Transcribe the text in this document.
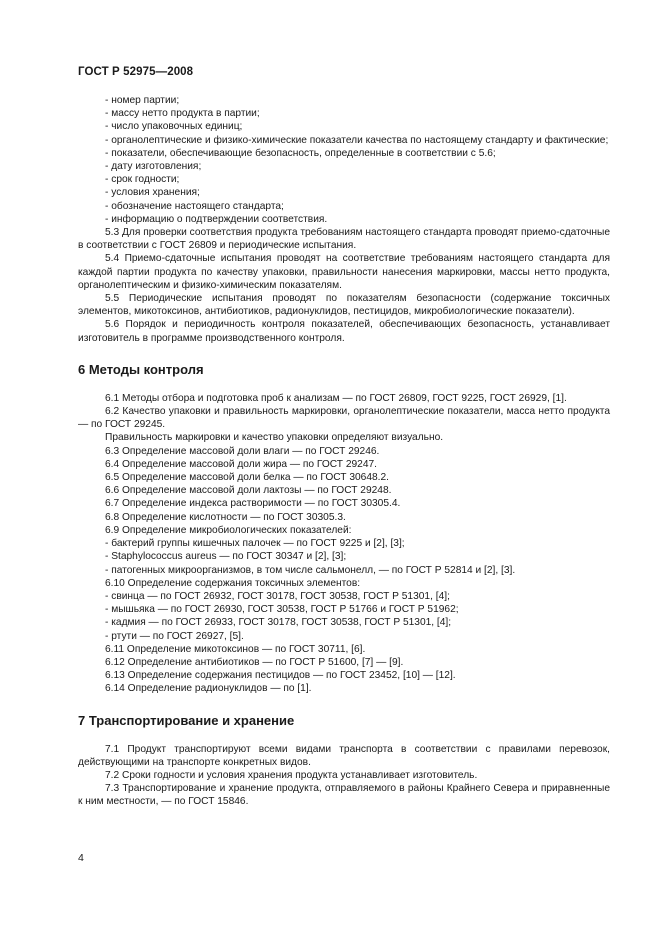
ГОСТ Р 52975—2008

- номер партии;

- массу нетто продукта в партии;

- число упаковочных единиц;

- органолептические и физико-химические показатели качества по настоящему стандарту и фактические;

- показатели, обеспечивающие безопасность, определенные в соответствии с 5.6;

- дату изготовления;

- срок годности;

- условия хранения;

- обозначение настоящего стандарта;

- информацию о подтверждении соответствия.

5.3 Для проверки соответствия продукта требованиям настоящего стандарта проводят приемо-сдаточные в соответствии с ГОСТ 26809 и периодические испытания.

5.4 Приемо-сдаточные испытания проводят на соответствие требованиям настоящего стандарта для каждой партии продукта по качеству упаковки, правильности нанесения маркировки, массы нетто продукта, органолептическим и физико-химическим показателям.

5.5 Периодические испытания проводят по показателям безопасности (содержание токсичных элементов, микотоксинов, антибиотиков, радионуклидов, пестицидов, микробиологические показатели).

5.6 Порядок и периодичность контроля показателей, обеспечивающих безопасность, устанавливает изготовитель в программе производственного контроля.

6 Методы контроля

6.1 Методы отбора и подготовка проб к анализам — по ГОСТ 26809, ГОСТ 9225, ГОСТ 26929, [1].

6.2 Качество упаковки и правильность маркировки, органолептические показатели, масса нетто продукта — по ГОСТ 29245.

Правильность маркировки и качество упаковки определяют визуально.

6.3 Определение массовой доли влаги — по ГОСТ 29246.

6.4 Определение массовой доли жира — по ГОСТ 29247.

6.5 Определение массовой доли белка — по ГОСТ 30648.2.

6.6 Определение массовой доли лактозы — по ГОСТ 29248.

6.7 Определение индекса растворимости — по ГОСТ 30305.4.

6.8 Определение кислотности — по ГОСТ 30305.3.

6.9 Определение микробиологических показателей:

- бактерий группы кишечных палочек — по ГОСТ 9225 и [2], [3];

- Staphylococcus aureus — по ГОСТ 30347 и [2], [3];

- патогенных микроорганизмов, в том числе сальмонелл, — по ГОСТ Р 52814 и [2], [3].

6.10 Определение содержания токсичных элементов:

- свинца — по ГОСТ 26932, ГОСТ 30178, ГОСТ 30538, ГОСТ Р 51301, [4];

- мышьяка — по ГОСТ 26930, ГОСТ 30538, ГОСТ Р 51766 и ГОСТ Р 51962;

- кадмия — по ГОСТ 26933, ГОСТ 30178, ГОСТ 30538, ГОСТ Р 51301, [4];

- ртути — по ГОСТ 26927, [5].

6.11 Определение микотоксинов — по ГОСТ 30711, [6].

6.12 Определение антибиотиков — по ГОСТ Р 51600, [7] — [9].

6.13 Определение содержания пестицидов — по ГОСТ 23452, [10] — [12].

6.14 Определение радионуклидов — по [1].

7 Транспортирование и хранение

7.1 Продукт транспортируют всеми видами транспорта в соответствии с правилами перевозок, действующими на транспорте конкретных видов.

7.2 Сроки годности и условия хранения продукта устанавливает изготовитель.

7.3 Транспортирование и хранение продукта, отправляемого в районы Крайнего Севера и приравненные к ним местности, — по ГОСТ 15846.

4
